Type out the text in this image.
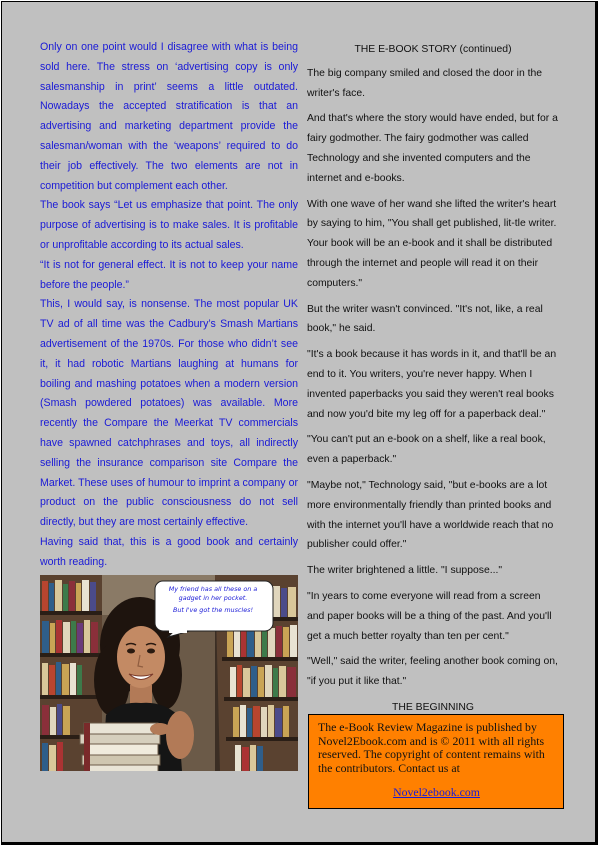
Only on one point would I disagree with what is being sold here. The stress on ‘advertising copy is only salesmanship in print’ seems a little outdated. Nowadays the accepted stratification is that an advertising and marketing department provide the salesman/woman with the ‘weapons’ required to do their job effectively. The two elements are not in competition but complement each other.

The book says “Let us emphasize that point. The only purpose of advertising is to make sales. It is profitable or unprofitable according to its actual sales.

“It is not for general effect. It is not to keep your name before the people.”

This, I would say, is nonsense. The most popular UK TV ad of all time was the Cadbury’s Smash Martians advertisement of the 1970s. For those who didn’t see it, it had robotic Martians laughing at humans for boiling and mashing potatoes when a modern version (Smash powdered potatoes) was available. More recently the Compare the Meerkat TV commercials have spawned catchphrases and toys, all indirectly selling the insurance comparison site Compare the Market. These uses of humour to imprint a company or product on the public consciousness do not sell directly, but they are most certainly effective.

Having said that, this is a good book and certainly worth reading.

My friend has all these on a gadget in her pocket.
But I've got the muscles!

THE E-BOOK STORY (continued)

The big company smiled and closed the door in the writer's face.

And that's where the story would have ended, but for a fairy godmother. The fairy godmother was called Technology and she invented computers and the internet and e-books.

With one wave of her wand she lifted the writer's heart by saying to him, "You shall get published, lit-tle writer. Your book will be an e-book and it shall be distributed through the internet and people will read it on their computers."

But the writer wasn't convinced. "It's not, like, a real book," he said.

"It's a book because it has words in it, and that'll be an end to it. You writers, you're never happy. When I invented paperbacks you said they weren't real books and now you'd bite my leg off for a paperback deal."

"You can't put an e-book on a shelf, like a real book, even a paperback."

"Maybe not," Technology said, "but e-books are a lot more environmentally friendly than printed books and with the internet you'll have a worldwide reach that no publisher could offer."

The writer brightened a little. "I suppose..."

"In years to come everyone will read from a screen and paper books will be a thing of the past. And you'll get a much better royalty than ten per cent."

"Well," said the writer, feeling another book coming on, "if you put it like that."

THE BEGINNING

The e-Book Review Magazine is published by Novel2Ebook.com and is © 2011 with all rights reserved. The copyright of content remains with the contributors. Contact us at
Novel2ebook.com
